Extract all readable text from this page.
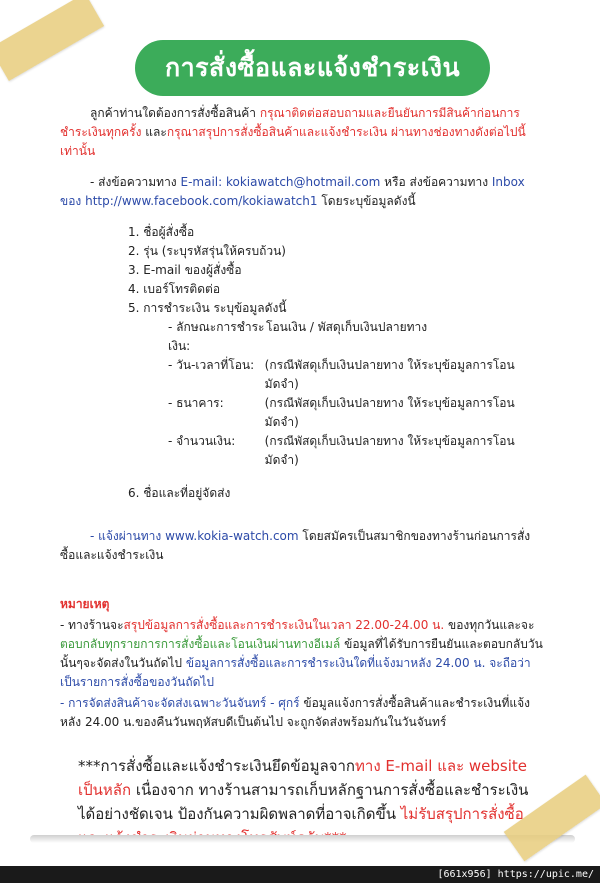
การสั่งซื้อและแจ้งชำระเงิน

ลูกค้าท่านใดต้องการสั่งซื้อสินค้า กรุณาติดต่อสอบถามและยืนยันการมีสินค้าก่อนการชำระเงินทุกครั้ง และกรุณาสรุปการสั่งซื้อสินค้าและแจ้งชำระเงิน ผ่านทางช่องทางดังต่อไปนี้เท่านั้น

- ส่งข้อความทาง E-mail: kokiawatch@hotmail.com หรือ ส่งข้อความทาง Inbox ของ http://www.facebook.com/kokiawatch1 โดยระบุข้อมูลดังนี้

1. ชื่อผู้สั่งซื้อ
2. รุ่น (ระบุรหัสรุ่นให้ครบถ้วน)
3. E-mail ของผู้สั่งซื้อ
4. เบอร์โทรติดต่อ
5. การชำระเงิน ระบุข้อมูลดังนี้
- ลักษณะการชำระเงิน:
โอนเงิน / พัสดุเก็บเงินปลายทาง
- วัน-เวลาที่โอน: (กรณีพัสดุเก็บเงินปลายทาง ให้ระบุข้อมูลการโอนมัดจำ)
- ธนาคาร:	(กรณีพัสดุเก็บเงินปลายทาง ให้ระบุข้อมูลการโอนมัดจำ)
- จำนวนเงิน:	(กรณีพัสดุเก็บเงินปลายทาง ให้ระบุข้อมูลการโอนมัดจำ)
6. ชื่อและที่อยู่จัดส่ง

- แจ้งผ่านทาง www.kokia-watch.com โดยสมัครเป็นสมาชิกของทางร้านก่อนการสั่งซื้อและแจ้งชำระเงิน

หมายเหตุ

- ทางร้านจะสรุปข้อมูลการสั่งซื้อและการชำระเงินในเวลา 22.00-24.00 น. ของทุกวันและจะตอบกลับทุกรายการการสั่งซื้อและโอนเงินผ่านทางอีเมล์ ข้อมูลที่ได้รับการยืนยันและตอบกลับวันนั้นๆจะจัดส่งในวันถัดไป ข้อมูลการสั่งซื้อและการชำระเงินใดที่แจ้งมาหลัง 24.00 น. จะถือว่าเป็นรายการสั่งซื้อของวันถัดไป

- การจัดส่งสินค้าจะจัดส่งเฉพาะวันจันทร์ - ศุกร์ ข้อมูลแจ้งการสั่งซื้อสินค้าและชำระเงินที่แจ้งหลัง 24.00 น.ของคืนวันพฤหัสบดีเป็นต้นไป จะถูกจัดส่งพร้อมกันในวันจันทร์

***การสั่งซื้อและแจ้งชำระเงินยึดข้อมูลจากทาง E-mail และ website เป็นหลัก เนื่องจาก ทางร้านสามารถเก็บหลักฐานการสั่งซื้อและชำระเงินได้อย่างชัดเจน ป้องกันความผิดพลาดที่อาจเกิดขึ้น ไม่รับสรุปการสั่งซื้อ

[661x956] https://upic.me/
